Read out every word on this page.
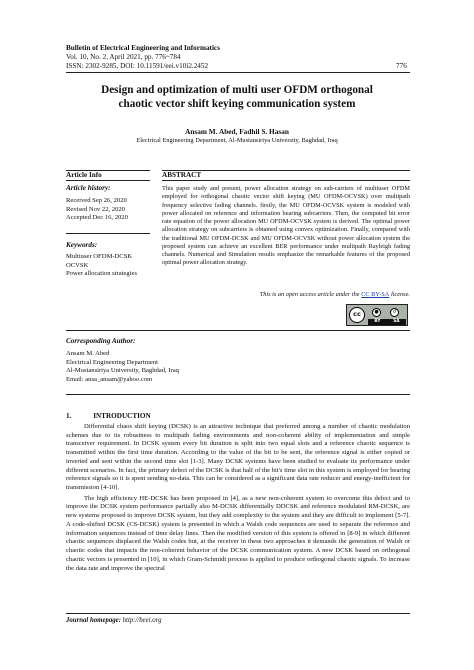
Bulletin of Electrical Engineering and Informatics
Vol. 10, No. 2, April 2021, pp. 776~784
ISSN: 2302-9285, DOI: 10.11591/eei.v10i2.2452	776
Design and optimization of multi user OFDM orthogonal
chaotic vector shift keying communication system
Ansam M. Abed, Fadhil S. Hasan
Electrical Engineering Department, Al-Mustansiriya University, Baghdad, Iraq
Article Info	ABSTRACT
Article history:
Received Sep 26, 2020
Revised Nov 22, 2020
Accepted Dec 16, 2020
Keywords:
Multiuser OFDM-DCSK
OCVSK
Power allocation strategies
This paper study and present, power allocation strategy on sub-carriers of multiuser OFDM employed for orthogonal chaotic vector shift keying (MU OFDM-OCVSK) over multipath frequency selective fading channels. firstly, the MU OFDM-OCVSK system is modeled with power allocated on reference and information bearing subcarriers. Then, the computed bit error rate equation of the power allocation MU OFDM-OCVSK system is derived. The optimal power allocation strategy on subcarriers is obtained using convex optimization. Finally, compared with the traditional MU OFDM-DCSK and MU OFDM-OCVSK without power allocation system the proposed system can achieve an excellent BER performance under multipath Rayleigh fading channels. Numerical and Simulation results emphasize the remarkable features of the proposed optimal power allocation strategy.
This is an open access article under the CC BY-SA license.
cc	●	↺
BY	SA
Corresponding Author:
Ansam M. Abed
Electrical Engineering Department
Al-Mustansiriya University, Baghdad, Iraq
Email: ansa_ansam@yahoo.com
1.	INTRODUCTION

Differential chaos shift keying (DCSK) is an attractive technique that preferred among a number of chaotic modulation schemes due to its robustness to multipath fading environments and non-coherent ability of implementation and simple transceiver requirement. In DCSK system every bit duration is split into two equal slots and a reference chaotic sequence is transmitted within the first time duration. According to the value of the bit to be sent, the reference signal is either copied or inverted and sent within the second time slot [1-3]. Many DCSK systems have been studied to evaluate its performance under different scenarios. In fact, the primary defect of the DCSK is that half of the bit's time slot in this system is employed for bearing reference signals so it is spent sending no-data. This can be considered as a significant data rate reducer and energy-inefficient for transmission [4-10].

The high efficiency HE-DCSK has been proposed in [4], as a new non-coherent system to overcome this defect and to improve the DCSK system performance partially also M-DCSK differentially DDCSK and reference modulated RM-DCSK, are new systems proposed to improve DCSK system, but they add complexity to the system and they are difficult to implement [5-7]. A code-shifted DCSK (CS-DCSK) system is presented in which a Walsh code sequences are used to separate the reference and information sequences instead of time delay lines. Then the modified version of this system is offered in [8-9] in which different chaotic sequences displaced the Walsh codes but, at the receiver in these two approaches it demands the generation of Walsh or chaotic codes that impacts the non-coherent behavior of the DCSK communication system. A new DCSK based on orthogonal chaotic vectors is presented in [10], in which Gram-Schmidt process is applied to produce orthogonal chaotic signals. To increase the data rate and improve the spectral

Journal homepage: http://beei.org
